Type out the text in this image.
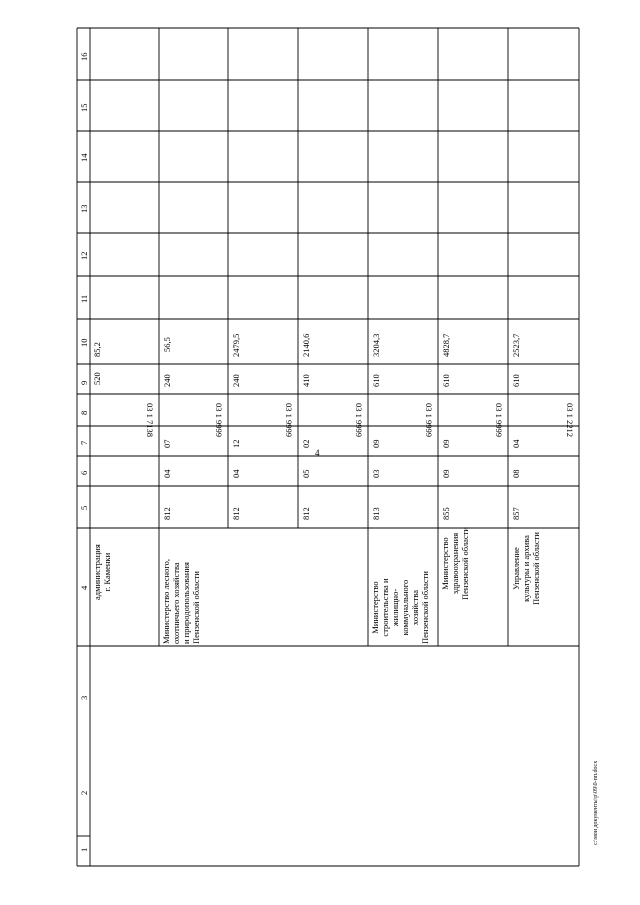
4
1
2
3
4
5
6
7
8
9
10
11
12
13
14
15
16
администрация
г. Каменки
520
85,2
03 1 7138
Министерство лесного,
охотничьего хозяйства
и природопользования
Пензенской области
812
04
07
240
56,5
03 1 9999
812
04
12
240
2479,5
03 1 9999
812
05
02
410
2140,6
03 1 9999
Министерство
строительства и
жилищно-
коммунального
хозяйства
Пензенской области
813
03
09
610
3204,3
03 1 9999
Министерство
здравоохранения
Пензенской области
855
09
09
610
4828,7
03 1 9999
Управление
культуры и архива
Пензенской области
857
08
04
610
2523,7
03 1 2212
c:\мои документы\р\09\0-пп.docx
